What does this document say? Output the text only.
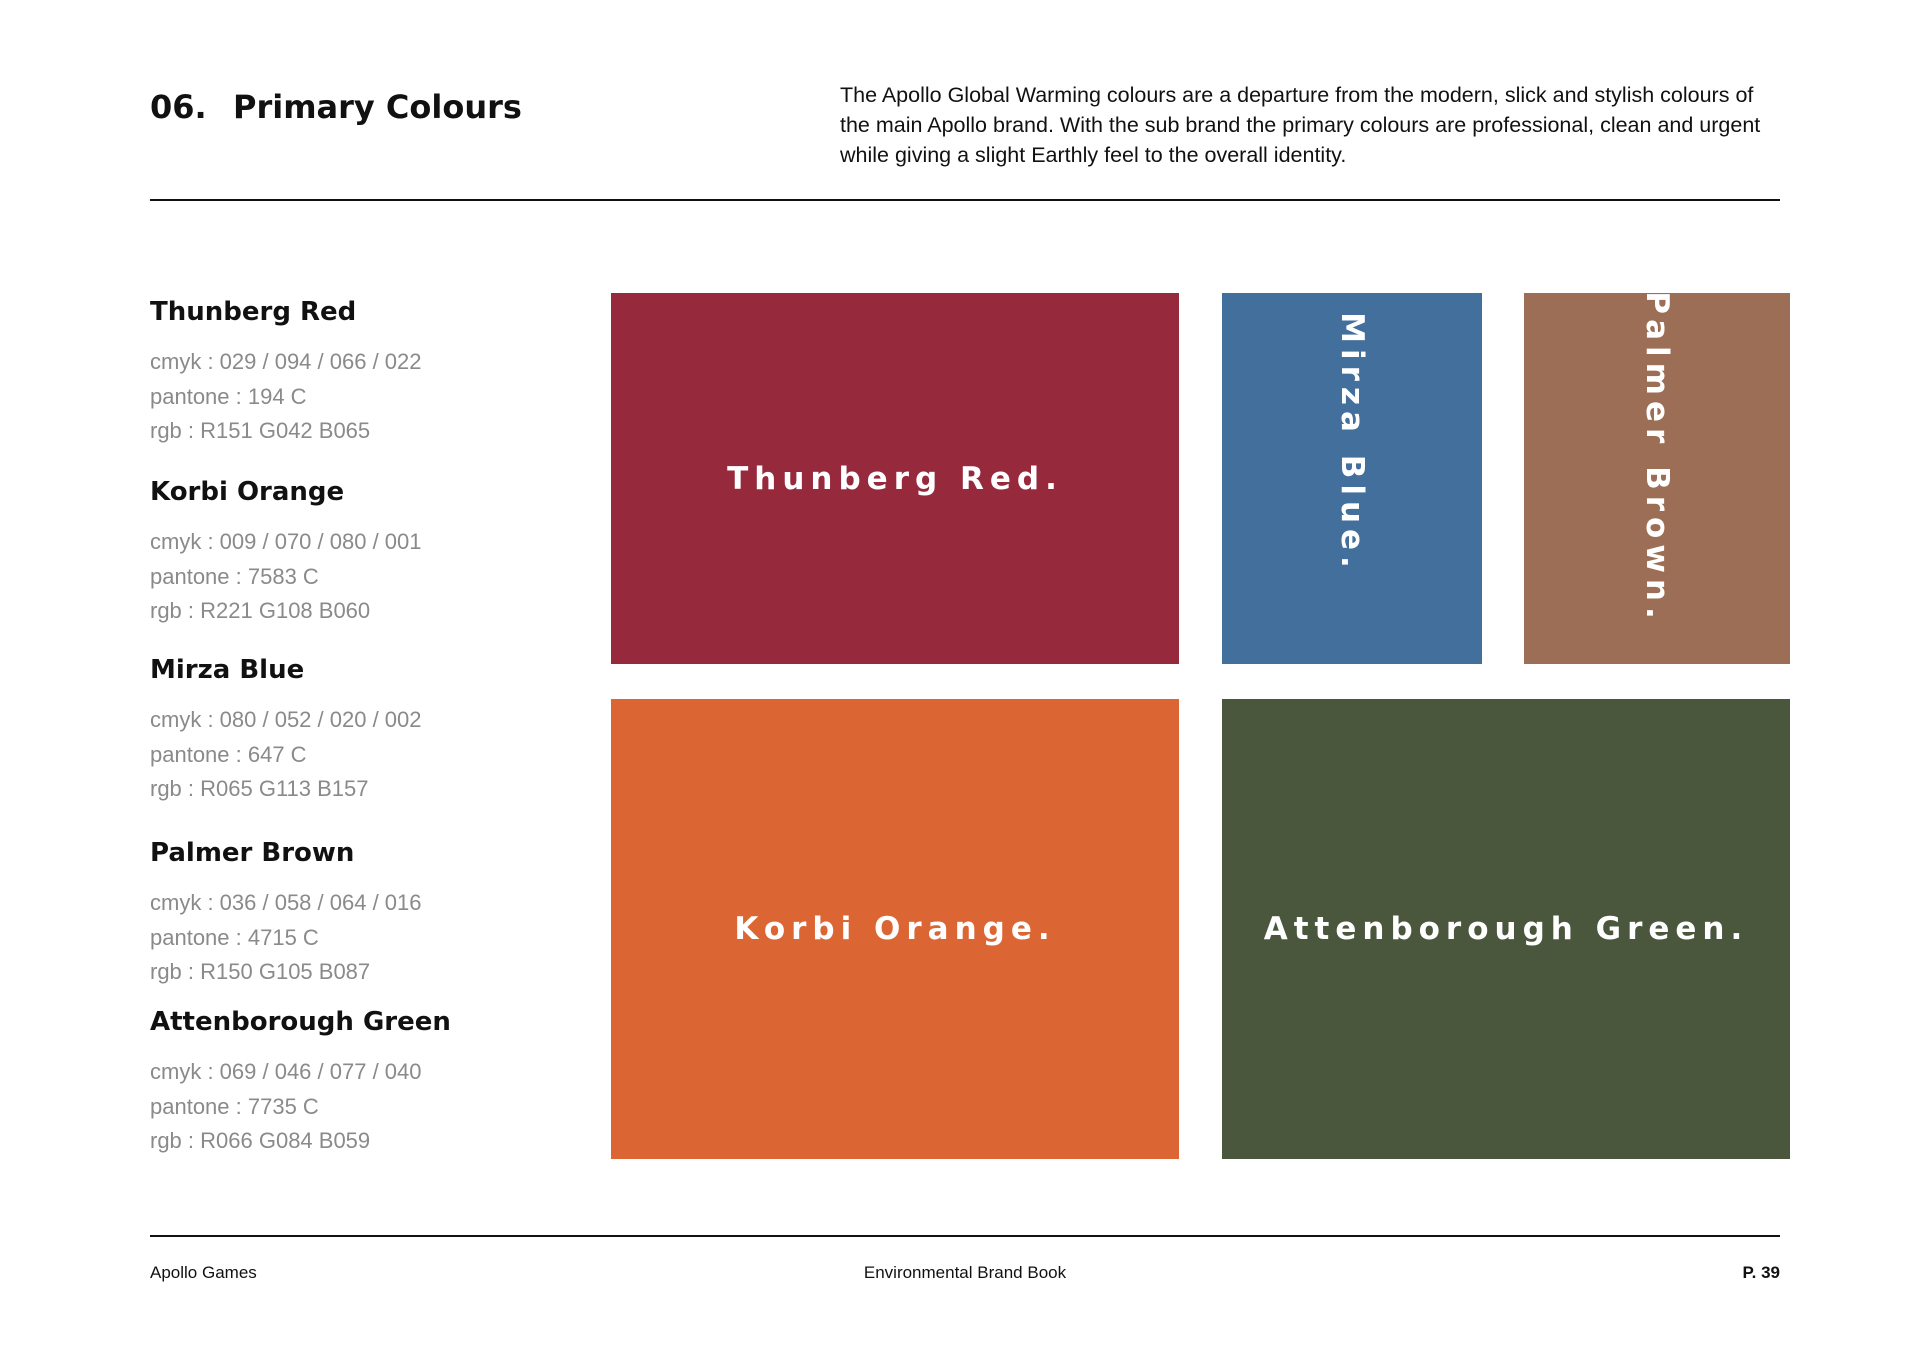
06. Primary Colours	The Apollo Global Warming colours are a departure from the modern, slick and stylish colours of the main Apollo brand. With the sub brand the primary colours are professional, clean and urgent while giving a slight Earthly feel to the overall identity.
Thunberg Red
cmyk : 029 / 094 / 066 / 022
pantone : 194 C
rgb : R151 G042 B065
Korbi Orange
cmyk : 009 / 070 / 080 / 001
pantone : 7583 C
rgb : R221 G108 B060
Mirza Blue
cmyk : 080 / 052 / 020 / 002
pantone : 647 C
rgb : R065 G113 B157
Palmer Brown
cmyk : 036 / 058 / 064 / 016
pantone : 4715 C
rgb : R150 G105 B087
Attenborough Green
cmyk : 069 / 046 / 077 / 040
pantone : 7735 C
rgb : R066 G084 B059
Thunberg Red.	Mirza Blue.	Palmer Brown.
Korbi Orange.	Attenborough Green.
Apollo Games	Environmental Brand Book	P. 39
